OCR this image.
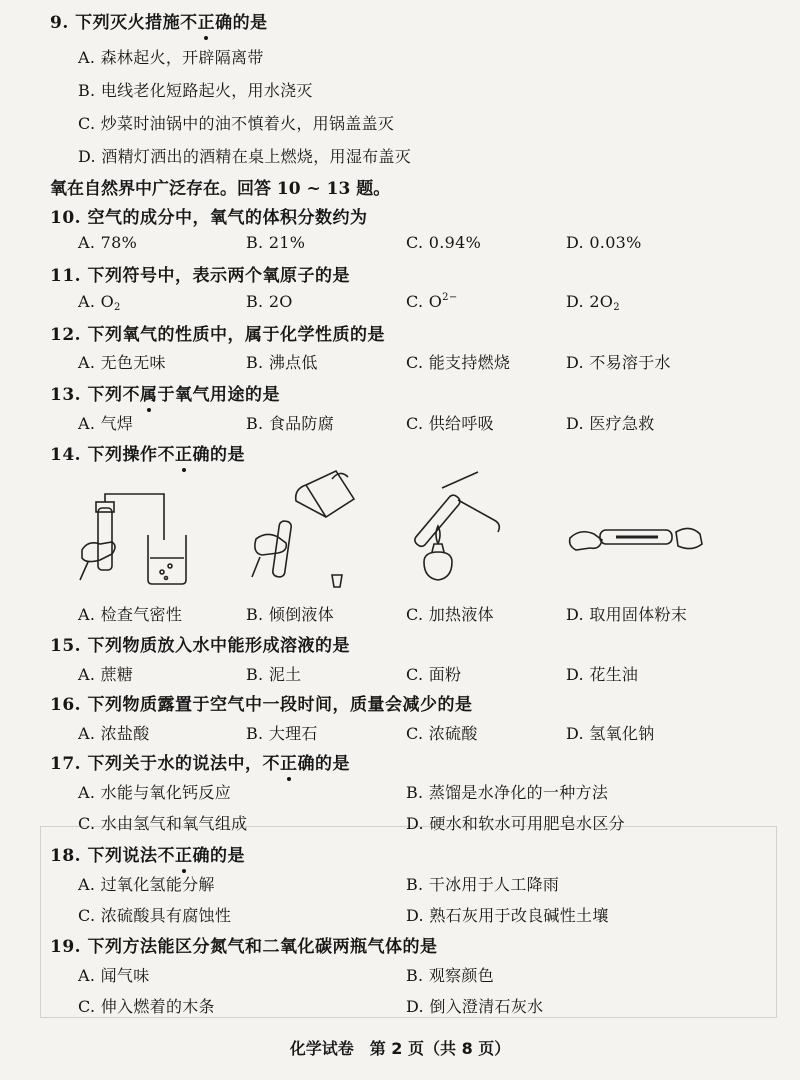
9. 下列灭火措施不正确的是
A. 森林起火，开辟隔离带
B. 电线老化短路起火，用水浇灭
C. 炒菜时油锅中的油不慎着火，用锅盖盖灭
D. 酒精灯洒出的酒精在桌上燃烧，用湿布盖灭
氧在自然界中广泛存在。回答 10 ~ 13 题。
10. 空气的成分中，氧气的体积分数约为
A. 78%	B. 21%	C. 0.94%	D. 0.03%
11. 下列符号中，表示两个氧原子的是
A. $O_2$	B. 2O	C. $O^{2-}$	D. $2O_2$
12. 下列氧气的性质中，属于化学性质的是
A. 无色无味	B. 沸点低	C. 能支持燃烧	D. 不易溶于水
13. 下列不属于氧气用途的是
A. 气焊	B. 食品防腐	C. 供给呼吸	D. 医疗急救
14. 下列操作不正确的是
A. 检查气密性	B. 倾倒液体	C. 加热液体	D. 取用固体粉末
15. 下列物质放入水中能形成溶液的是
A. 蔗糖	B. 泥土	C. 面粉	D. 花生油
16. 下列物质露置于空气中一段时间，质量会减少的是
A. 浓盐酸	B. 大理石	C. 浓硫酸	D. 氢氧化钠
17. 下列关于水的说法中，不正确的是
A. 水能与氧化钙反应	B. 蒸馏是水净化的一种方法
C. 水由氢气和氧气组成	D. 硬水和软水可用肥皂水区分
18. 下列说法不正确的是
A. 过氧化氢能分解	B. 干冰用于人工降雨
C. 浓硫酸具有腐蚀性	D. 熟石灰用于改良碱性土壤
19. 下列方法能区分氮气和二氧化碳两瓶气体的是
A. 闻气味	B. 观察颜色
C. 伸入燃着的木条	D. 倒入澄清石灰水
化学试卷　第 2 页（共 8 页）
